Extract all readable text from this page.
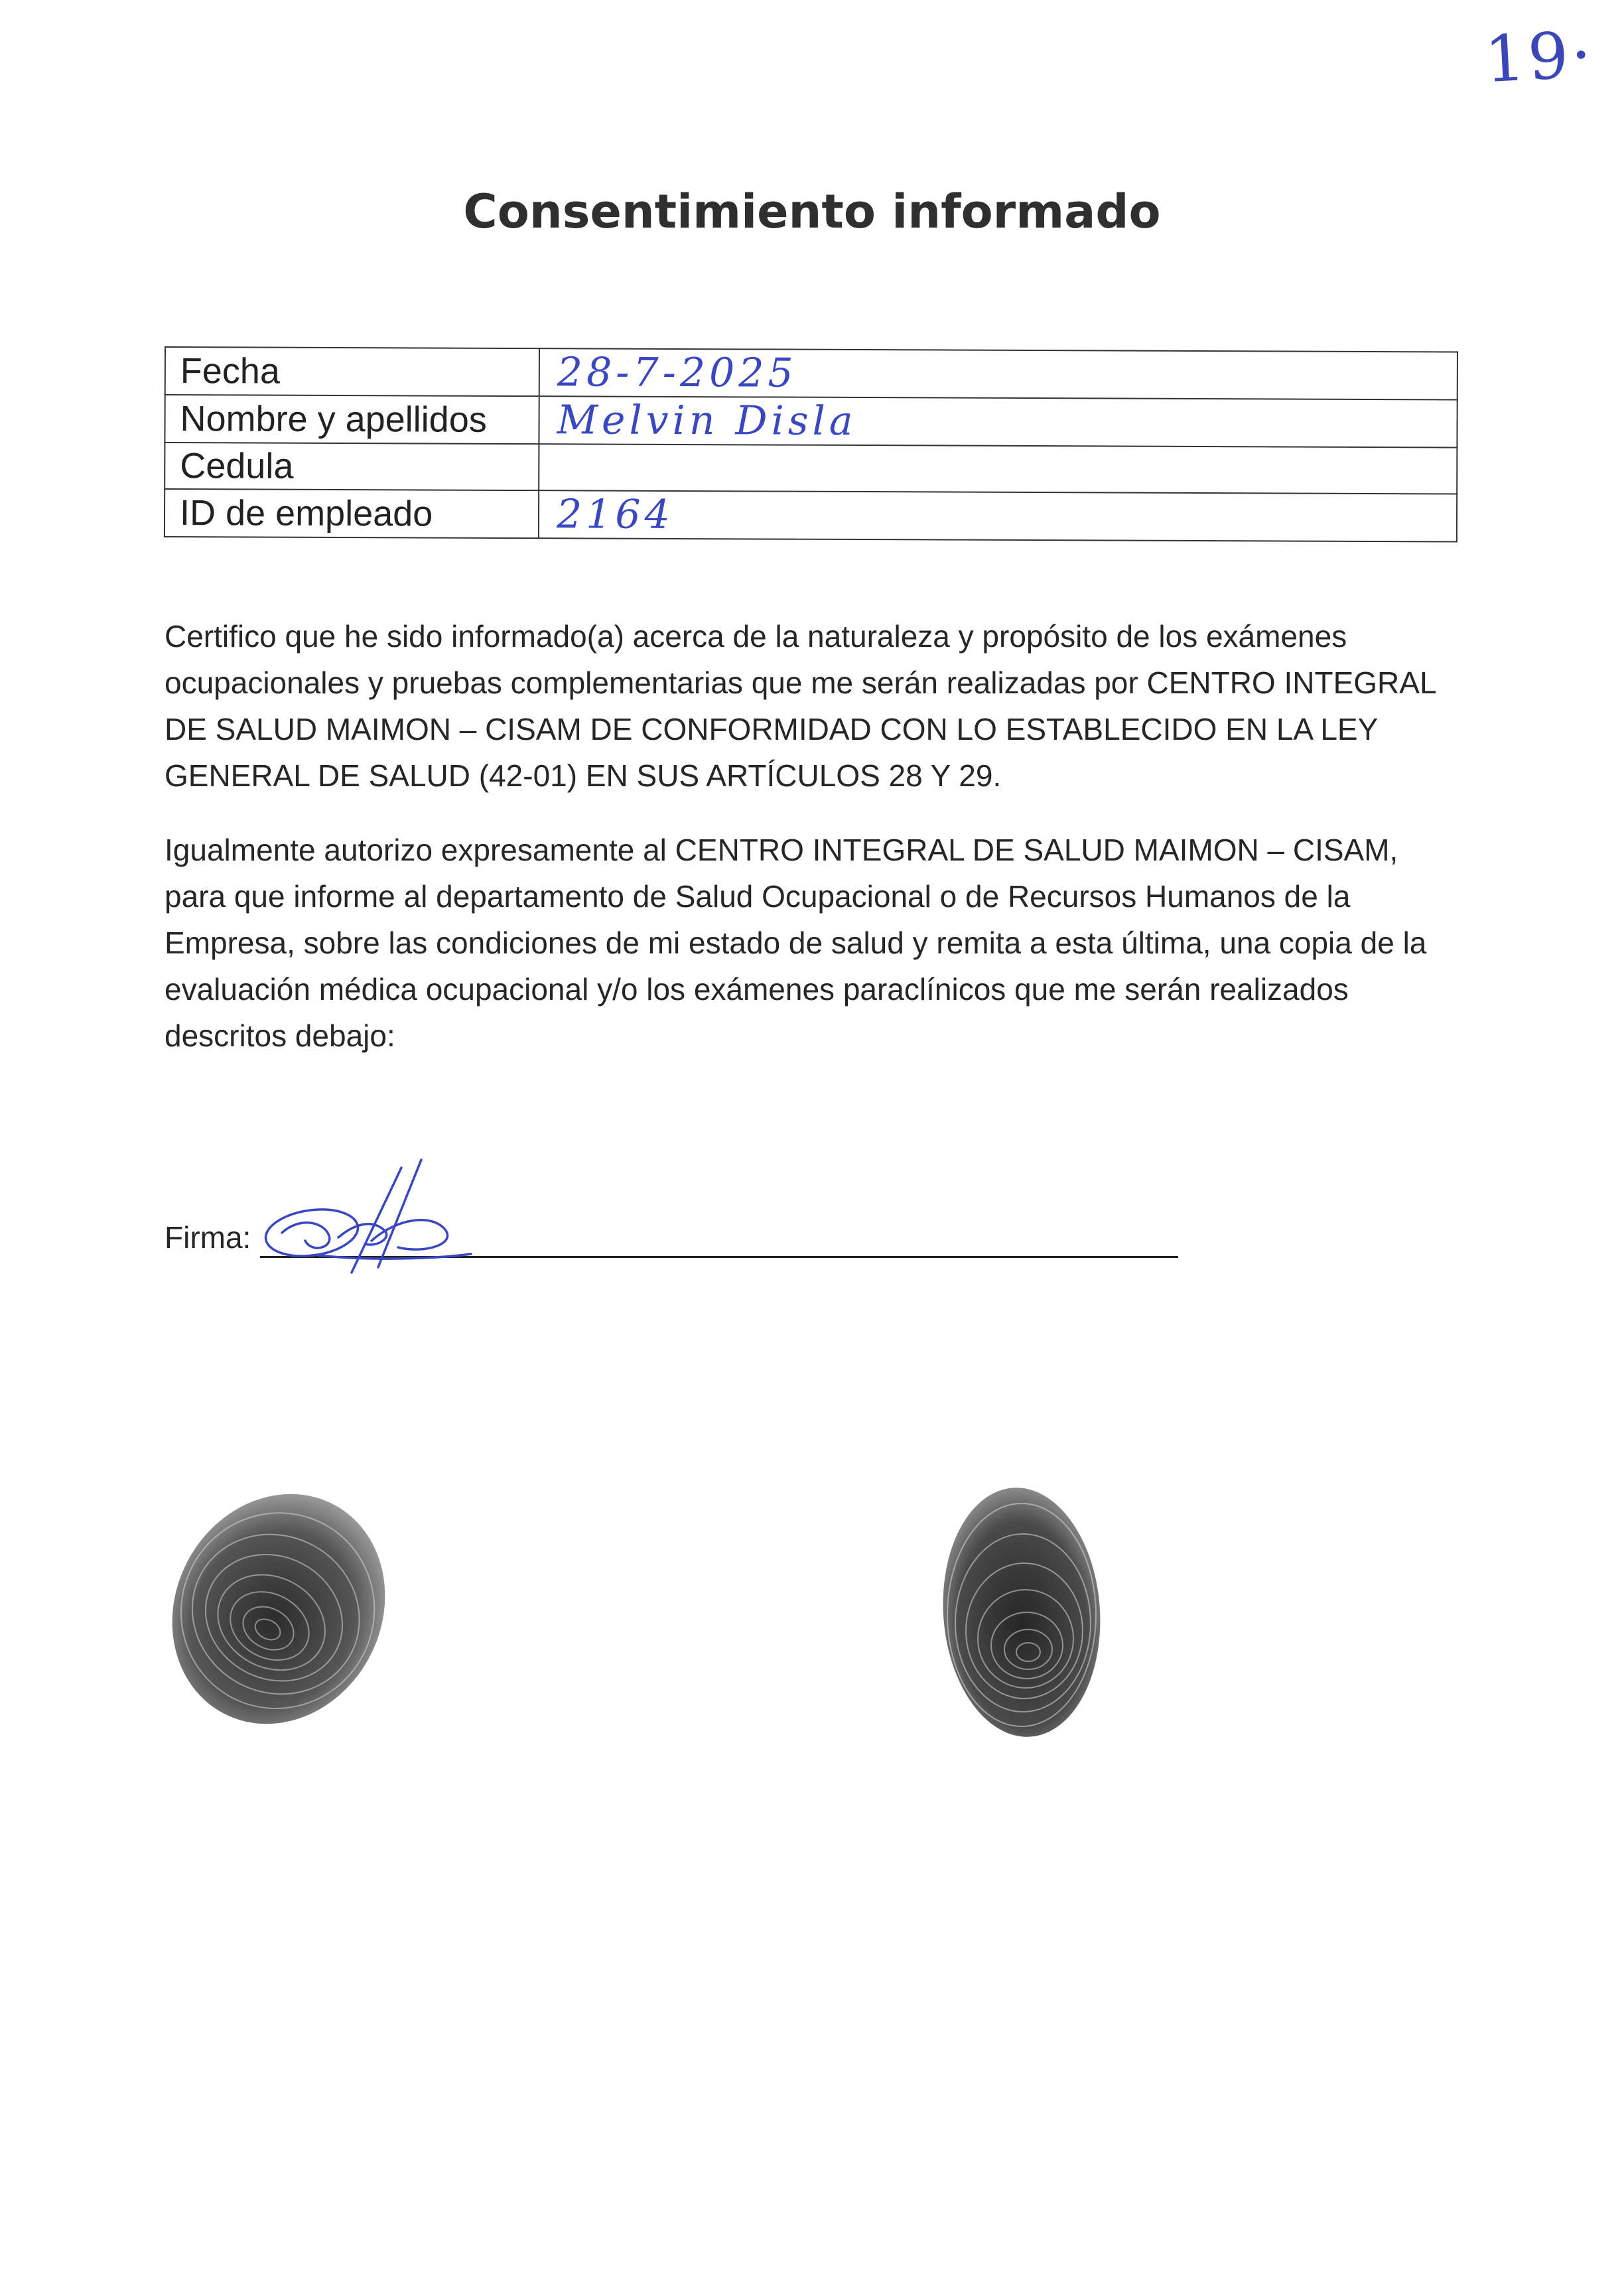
19·
Consentimiento informado
Fecha	28-7-2025
Nombre y apellidos	Melvin Disla
Cedula	
ID de empleado	2164

Certifico que he sido informado(a) acerca de la naturaleza y propósito de los exámenes ocupacionales y pruebas complementarias que me serán realizadas por CENTRO INTEGRAL DE SALUD MAIMON – CISAM DE CONFORMIDAD CON LO ESTABLECIDO EN LA LEY GENERAL DE SALUD (42-01) EN SUS ARTÍCULOS 28 Y 29.

Igualmente autorizo expresamente al CENTRO INTEGRAL DE SALUD MAIMON – CISAM, para que informe al departamento de Salud Ocupacional o de Recursos Humanos de la Empresa, sobre las condiciones de mi estado de salud y remita a esta última, una copia de la evaluación médica ocupacional y/o los exámenes paraclínicos que me serán realizados descritos debajo:

Firma:
